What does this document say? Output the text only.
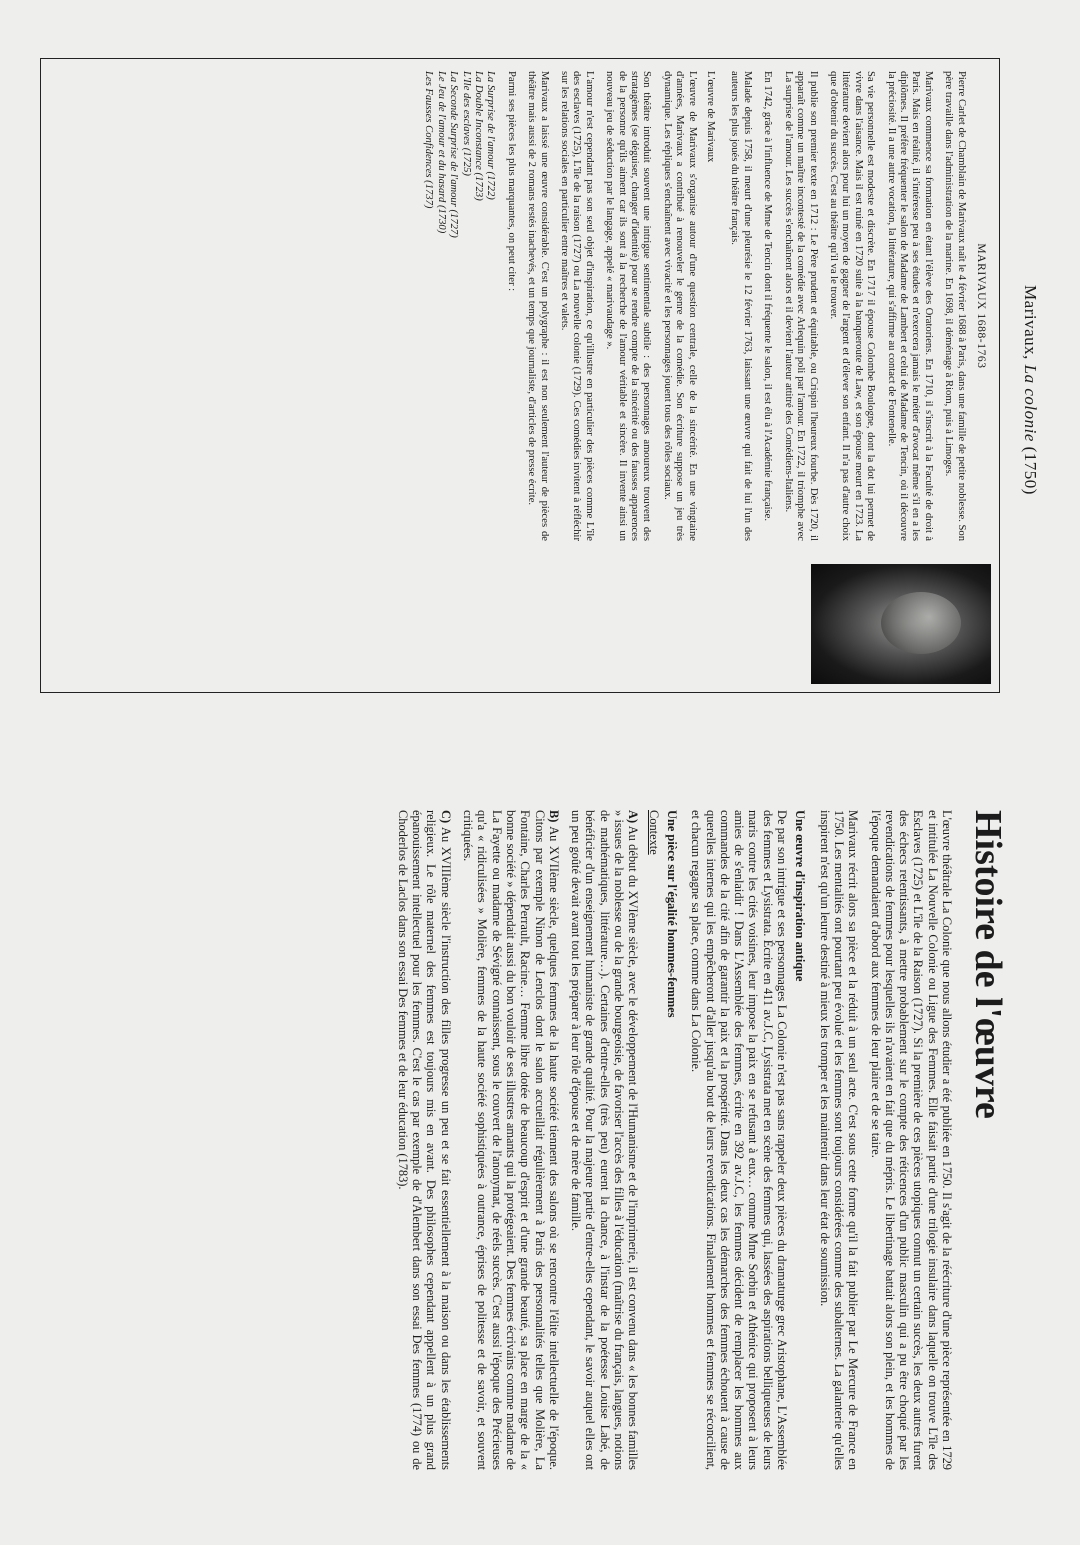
Marivaux, La colonie (1750)
MARIVAUX 1688-1763

Pierre Carlet de Chamblain de Marivaux naît le 4 février 1688 à Paris, dans une famille de petite noblesse. Son père travaille dans l'administration de la marine. En 1698, il déménage à Riom, puis à Limoges.

Marivaux commence sa formation en étant l'élève des Oratoriens. En 1710, il s'inscrit à la Faculté de droit à Paris. Mais en réalité, il s'intéresse peu à ses études et n'exercera jamais le métier d'avocat même s'il en a les diplômes. Il préfère fréquenter le salon de Madame de Lambert et celui de Madame de Tencin, où il découvre la préciosité. Il a une autre vocation, la littérature, qui s'affirme au contact de Fontenelle.

Sa vie personnelle est modeste et discrète. En 1717 il épouse Colombe Boulogne, dont la dot lui permet de vivre dans l'aisance. Mais il est ruiné en 1720 suite à la banqueroute de Law, et son épouse meurt en 1723. La littérature devient alors pour lui un moyen de gagner de l'argent et d'élever son enfant. Il n'a pas d'autre choix que d'obtenir du succès. C'est au théâtre qu'il va le trouver.

Il publie son premier texte en 1712 : Le Père prudent et équitable, ou Crispin l'heureux fourbe. Dès 1720, il apparaît comme un maître incontesté de la comédie avec Arlequin poli par l'amour. En 1722, il triomphe avec La surprise de l'amour. Les succès s'enchaînent alors et il devient l'auteur attitré des Comédiens-Italiens.

En 1742, grâce à l'influence de Mme de Tencin dont il fréquente le salon, il est élu à l'Académie française.

Malade depuis 1758, il meurt d'une pleurésie le 12 février 1763, laissant une œuvre qui fait de lui l'un des auteurs les plus joués du théâtre français.

L'œuvre de Marivaux

L'œuvre de Marivaux s'organise autour d'une question centrale, celle de la sincérité. En une vingtaine d'années, Marivaux a contribué à renouveler le genre de la comédie. Son écriture suppose un jeu très dynamique. Les répliques s'enchaînent avec vivacité et les personnages jouent tous des rôles sociaux.

Son théâtre introduit souvent une intrigue sentimentale subtile : des personnages amoureux trouvent des stratagèmes (se déguiser, changer d'identité) pour se rendre compte de la sincérité ou des fausses apparences de la personne qu'ils aiment car ils sont à la recherche de l'amour véritable et sincère. Il invente ainsi un nouveau jeu de séduction par le langage, appelé « marivaudage ».

L'amour n'est cependant pas son seul objet d'inspiration, ce qu'illustre en particulier des pièces comme L'île des esclaves (1725), L'île de la raison (1727) ou La nouvelle colonie (1729). Ces comédies invitent à réfléchir sur les relations sociales en particulier entre maîtres et valets.

Marivaux a laissé une œuvre considérable. C'est un polygraphe : il est non seulement l'auteur de pièces de théâtre mais aussi de 2 romans restés inachevés, et un temps que journaliste, d'articles de presse écrite.

Parmi ses pièces les plus marquantes, on peut citer :

La Surprise de l'amour (1722)
La Double Inconstance (1723)
L'Ile des esclaves (1725)
La Seconde Surprise de l'amour (1727)
Le Jeu de l'amour et du hasard (1730)
Les Fausses Confidences (1737)
Histoire de l'œuvre

L'œuvre théâtrale La Colonie que nous allons étudier a été publiée en 1750. Il s'agit de la réécriture d'une pièce représentée en 1729 et intitulée La Nouvelle Colonie ou Ligue des Femmes. Elle faisait partie d'une trilogie insulaire dans laquelle on trouve L'île des Esclaves (1725) et L'île de la Raison (1727). Si la première de ces pièces utopiques connut un certain succès, les deux autres furent des échecs retentissants, à mettre probablement sur le compte des réticences d'un public masculin qui a pu être choqué par les revendications de femmes pour lesquelles ils n'avaient en fait que du mépris. Le libertinage battait alors son plein, et les hommes de l'époque demandaient d'abord aux femmes de leur plaire et de se taire.

Marivaux récrit alors sa pièce et la réduit à un seul acte. C'est sous cette forme qu'il la fait publier par Le Mercure de France en 1750. Les mentalités ont pourtant peu évolué et les femmes sont toujours considérées comme des subalternes. La galanterie qu'elles inspirent n'est qu'un leurre destiné à mieux les tromper et les maintenir dans leur état de soumission.

Une œuvre d'inspiration antique

De par son intrigue et ses personnages La Colonie n'est pas sans rappeler deux pièces du dramaturge grec Aristophane, L'Assemblée des femmes et Lysistrata. Écrite en 411 av.J.C, Lysistrata met en scène des femmes qui, lassées des aspirations belliqueuses de leurs maris contre les cités voisines, leur impose la paix en se refusant à eux… comme Mme Sorbin et Athénice qui proposent à leurs amies de s'enlaidir ! Dans L'Assemblée des femmes, écrite en 392 av.J.C, les femmes décident de remplacer les hommes aux commandes de la cité afin de garantir la paix et la prospérité. Dans les deux cas les démarches des femmes échouent à cause de querelles internes qui les empêcheront d'aller jusqu'au bout de leurs revendications. Finalement hommes et femmes se réconcilient, et chacun regagne sa place, comme dans La Colonie.

Une pièce sur l'égalité hommes-femmes
Contexte

A) Au début du XVIème siècle, avec le développement de l'Humanisme et de l'imprimerie, il est convenu dans « les bonnes familles » issues de la noblesse ou de la grande bourgeoisie, de favoriser l'accès des filles à l'éducation (maîtrise du français, langues, notions de mathématiques, littérature…). Certaines d'entre-elles (très peu) eurent la chance, à l'instar de la poétesse Louise Labé, de bénéficier d'un enseignement humaniste de grande qualité. Pour la majeure partie d'entre-elles cependant, le savoir auquel elles ont un peu goûté devait avant tout les préparer à leur rôle d'épouse et de mère de famille.

B) Au XVIIème siècle, quelques femmes de la haute société tiennent des salons où se rencontre l'élite intellectuelle de l'époque. Citons par exemple Ninon de Lenclos dont le salon accueillait régulièrement à Paris des personnalités telles que Molière, La Fontaine, Charles Perrault, Racine… Femme libre dotée de beaucoup d'esprit et d'une grande beauté, sa place en marge de la « bonne société » dépendait aussi du bon vouloir de ses illustres amants qui la protégeaient. Des femmes écrivains comme madame de La Fayette ou madame de Sévigné connaissent, sous le couvert de l'anonymat, de réels succès. C'est aussi l'époque des Précieuses qu'a « ridiculisées » Molière, femmes de la haute société sophistiquées à outrance, éprises de politesse et de savoir, et souvent critiquées.

C) Au XVIIIème siècle l'instruction des filles progresse un peu et se fait essentiellement à la maison ou dans les établissements religieux. Le rôle maternel des femmes est toujours mis en avant. Des philosophes cependant appellent à un plus grand épanouissement intellectuel pour les femmes. C'est le cas par exemple de d'Alembert dans son essai Des femmes (1774) ou de Choderlos de Laclos dans son essai Des femmes et de leur éducation (1783).
